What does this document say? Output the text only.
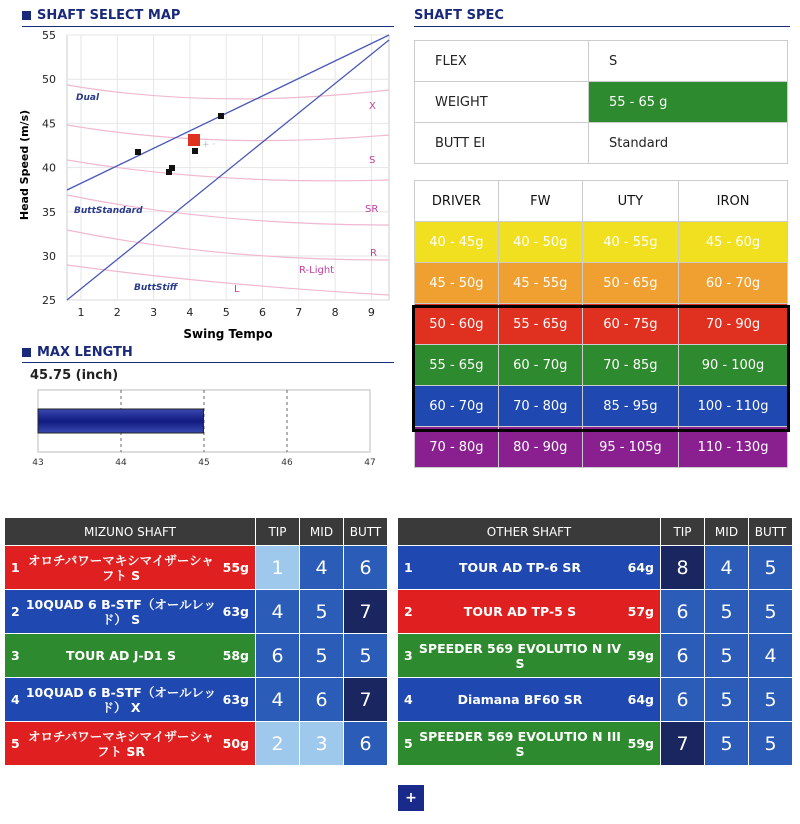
SHAFT SELECT MAP
Dual
ButtStandard
ButtStiff
X
S
SR
R
R-Light
L
+ ·
55
50
45
40
35
30
25
1	2	3	4	5	6	7	8	9
Head Speed (m/s)
Swing Tempo
MAX LENGTH
45.75 (inch)
43	44	45	46	47
SHAFT SPEC
FLEX	S
WEIGHT	55 - 65 g
BUTT EI	Standard
DRIVER	FW	UTY	IRON
40 - 45g	40 - 50g	40 - 55g	45 - 60g
45 - 50g	45 - 55g	50 - 65g	60 - 70g
50 - 60g	55 - 65g	60 - 75g	70 - 90g
55 - 65g	60 - 70g	70 - 85g	90 - 100g
60 - 70g	70 - 80g	85 - 95g	100 - 110g
70 - 80g	80 - 90g	95 - 105g	110 - 130g
MIZUNO SHAFT	TIP	MID	BUTT

1 オロチパワーマキシマイザーシャフト S 55g	1	4	6

2 10QUAD 6 B-STF（オールレッド） S 63g	4	5	7

3 TOUR AD J-D1 S 58g	6	5	5

4 10QUAD 6 B-STF（オールレッド） X 63g	4	6	7

5 オロチパワーマキシマイザーシャフト SR 50g	2	3	6
OTHER SHAFT	TIP	MID	BUTT

1 TOUR AD TP-6 SR 64g	8	4	5

2 TOUR AD TP-5 S 57g	6	5	5

3 SPEEDER 569 EVOLUTIO N IV S 59g	6	5	4

4 Diamana BF60 SR 64g	6	5	5

5 SPEEDER 569 EVOLUTIO N III S 59g	7	5	5
+
